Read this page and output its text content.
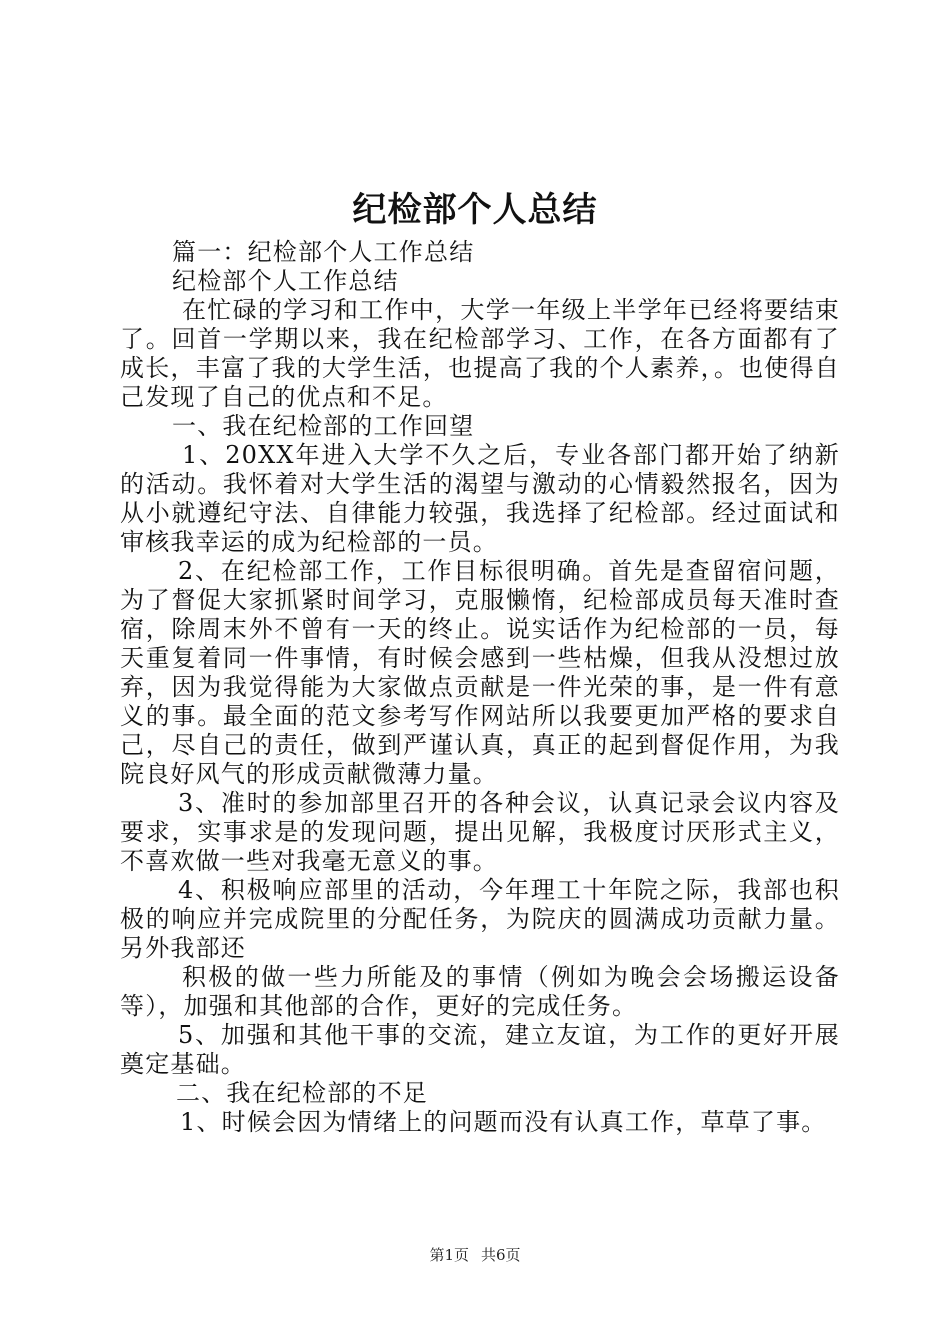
纪检部个人总结

篇一：纪检部个人工作总结

纪检部个人工作总结

在忙碌的学习和工作中，大学一年级上半学年已经将要结束了。回首一学期以来，我在纪检部学习、工作，在各方面都有了成长，丰富了我的大学生活，也提高了我的个人素养，。也使得自己发现了自己的优点和不足。

一、我在纪检部的工作回望

1、20XX年进入大学不久之后，专业各部门都开始了纳新的活动。我怀着对大学生活的渴望与激动的心情毅然报名，因为从小就遵纪守法、自律能力较强，我选择了纪检部。经过面试和审核我幸运的成为纪检部的一员。

2、在纪检部工作，工作目标很明确。首先是查留宿问题，为了督促大家抓紧时间学习，克服懒惰，纪检部成员每天准时查宿，除周末外不曾有一天的终止。说实话作为纪检部的一员，每天重复着同一件事情，有时候会感到一些枯燥，但我从没想过放弃，因为我觉得能为大家做点贡献是一件光荣的事，是一件有意义的事。最全面的范文参考写作网站所以我要更加严格的要求自己，尽自己的责任，做到严谨认真，真正的起到督促作用，为我院良好风气的形成贡献微薄力量。

3、准时的参加部里召开的各种会议，认真记录会议内容及要求，实事求是的发现问题，提出见解，我极度讨厌形式主义，不喜欢做一些对我毫无意义的事。

4、积极响应部里的活动，今年理工十年院之际，我部也积极的响应并完成院里的分配任务，为院庆的圆满成功贡献力量。另外我部还

积极的做一些力所能及的事情（例如为晚会会场搬运设备等），加强和其他部的合作，更好的完成任务。

5、加强和其他干事的交流，建立友谊，为工作的更好开展奠定基础。

二、我在纪检部的不足

1、时候会因为情绪上的问题而没有认真工作，草草了事。

第1页 共6页
